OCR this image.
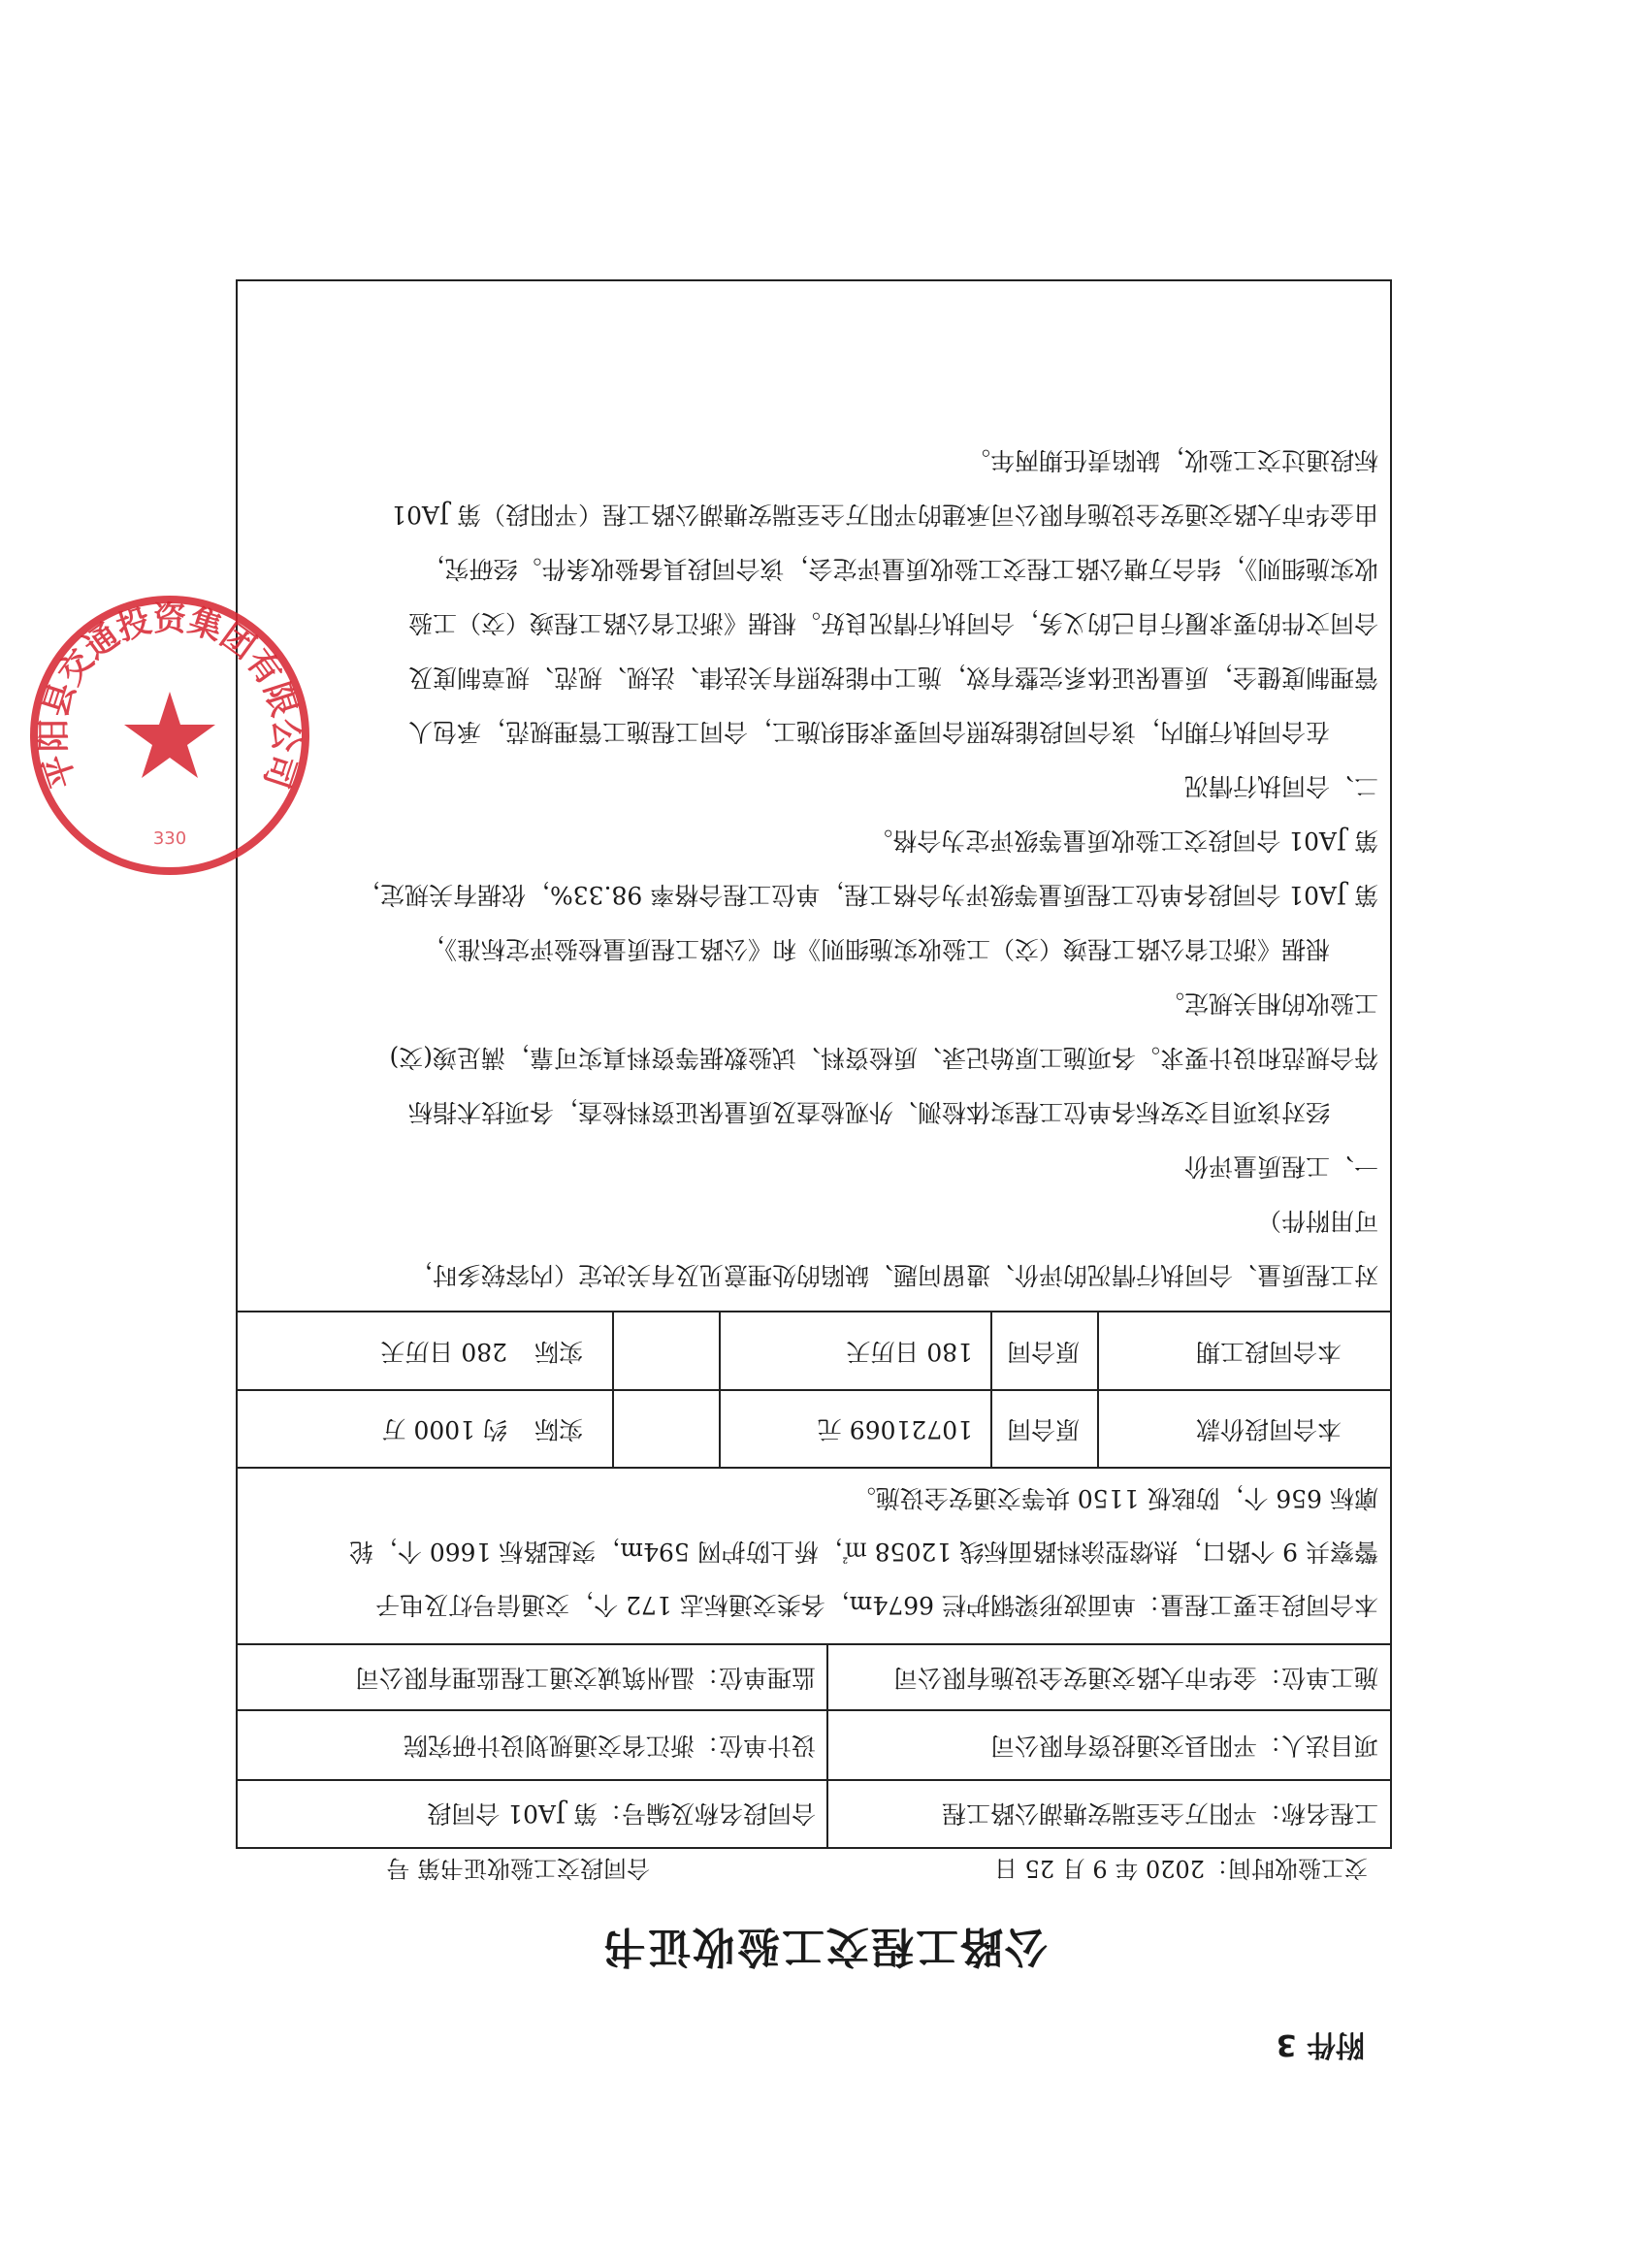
附件 3
公路工程交工验收证书
交工验收时间：2020 年 9 月 25 日
合同段交工验收证书第 号
工程名称：平阳万全至瑞安塘湖公路工程
合同段名称及编号：第 JA01 合同段
项目法人：平阳县交通投资有限公司
设计单位：浙江省交通规划设计研究院
施工单位：金华市大路交通安全设施有限公司
监理单位：温州筑诚交通工程监理有限公司
本合同段主要工程量：单面波形梁钢护栏 6674m，各类交通标志 172 个，交通信号灯及电子
警察共 9 个路口，热熔型涂料路面标线 12058 ㎡，桥上防护网 594m，突起路标 1660 个，轮
廓标 656 个，防眩板 1150 块等交通安全设施。
本合同段价款
原合同
10721069 元
实际
约 1000 万
本合同段工期
原合同
180 日历天
实际
280 日历天
对工程质量、合同执行情况的评价、遗留问题、缺陷的处理意见及有关决定（内容较多时，
可用附件）
一、工程质量评价
经对该项目交安标各单位工程实体检测、外观检查及质量保证资料检查，各项技术指标
符合规范和设计要求。各项施工原始记录、质检资料、试验数据等资料真实可靠，满足竣(交)
工验收的相关规定。
根据《浙江省公路工程竣（交）工验收实施细则》和《公路工程质量检验评定标准》，
第 JA01 合同段各单位工程质量等级评为合格工程，单位工程合格率 98.33%，依据有关规定，
第 JA01 合同段交工验收质量等级评定为合格。
二、合同执行情况
在合同执行期内，该合同段能按照合同要求组织施工，合同工程施工管理规范，承包人
管理制度健全，质量保证体系完整有效，施工中能按照有关法律、法规、规范、规章制度及
合同文件的要求履行自己的义务，合同执行情况良好。根据《浙江省公路工程竣（交）工验
收实施细则》，结合万塘公路工程交工验收质量评定会，该合同段具备验收条件。经研究，
由金华市大路交通安全设施有限公司承建的平阳万全至瑞安塘湖公路工程（平阳段）第 JA01
标段通过交工验收，缺陷责任期两年。
平阳县交通投资集团有限公司
330
